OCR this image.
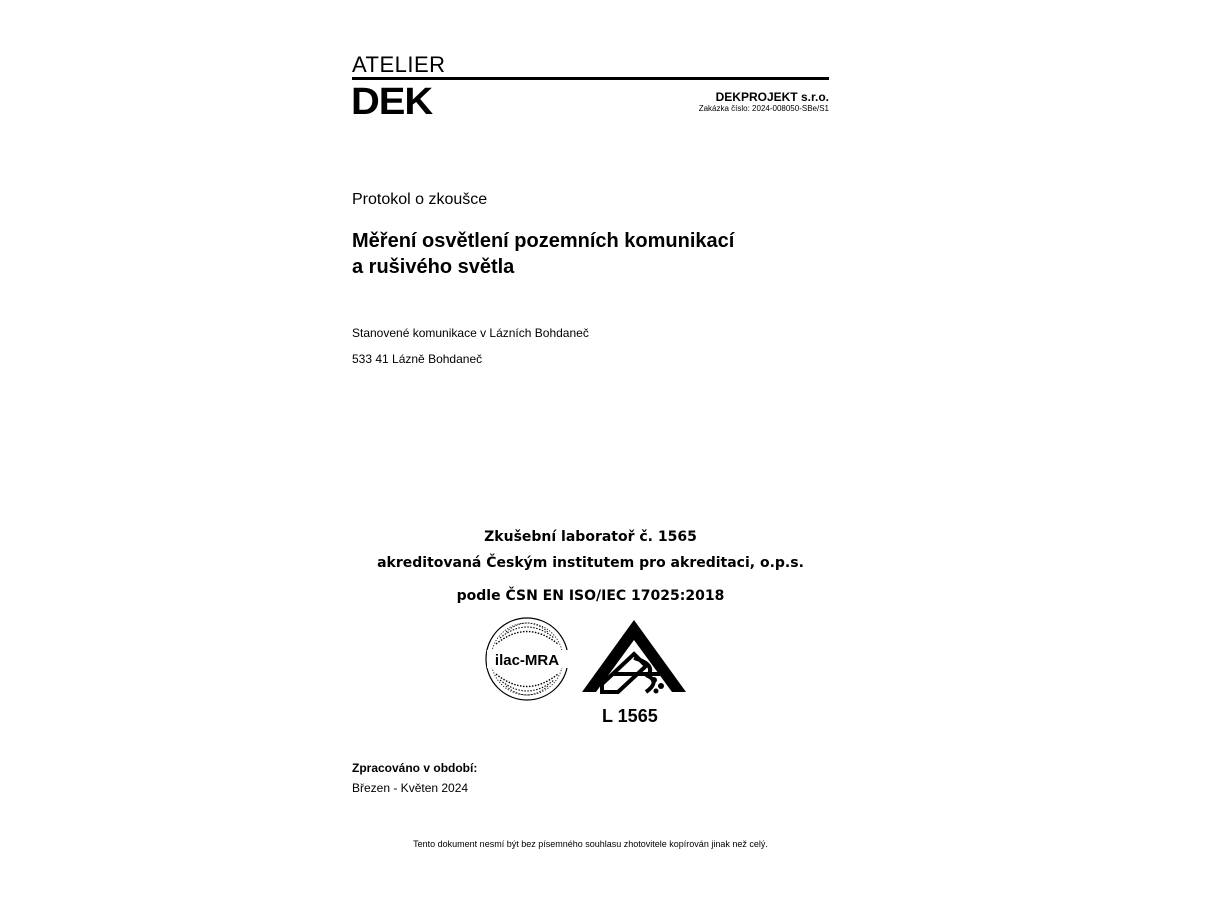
ATELIER
DEK	DEKPROJEKT s.r.o.
Zakázka číslo: 2024-008050-SBe/S1
Protokol o zkoušce
Měření osvětlení pozemních komunikací
a rušivého světla
Stanovené komunikace v Lázních Bohdaneč
533 41 Lázně Bohdaneč
Zkušební laboratoř č. 1565
akreditovaná Českým institutem pro akreditaci, o.p.s.
podle ČSN EN ISO/IEC 17025:2018
ilac-MRA
L 1565
Zpracováno v období:
Březen - Květen 2024
Tento dokument nesmí být bez písemného souhlasu zhotovitele kopírován jinak než celý.
